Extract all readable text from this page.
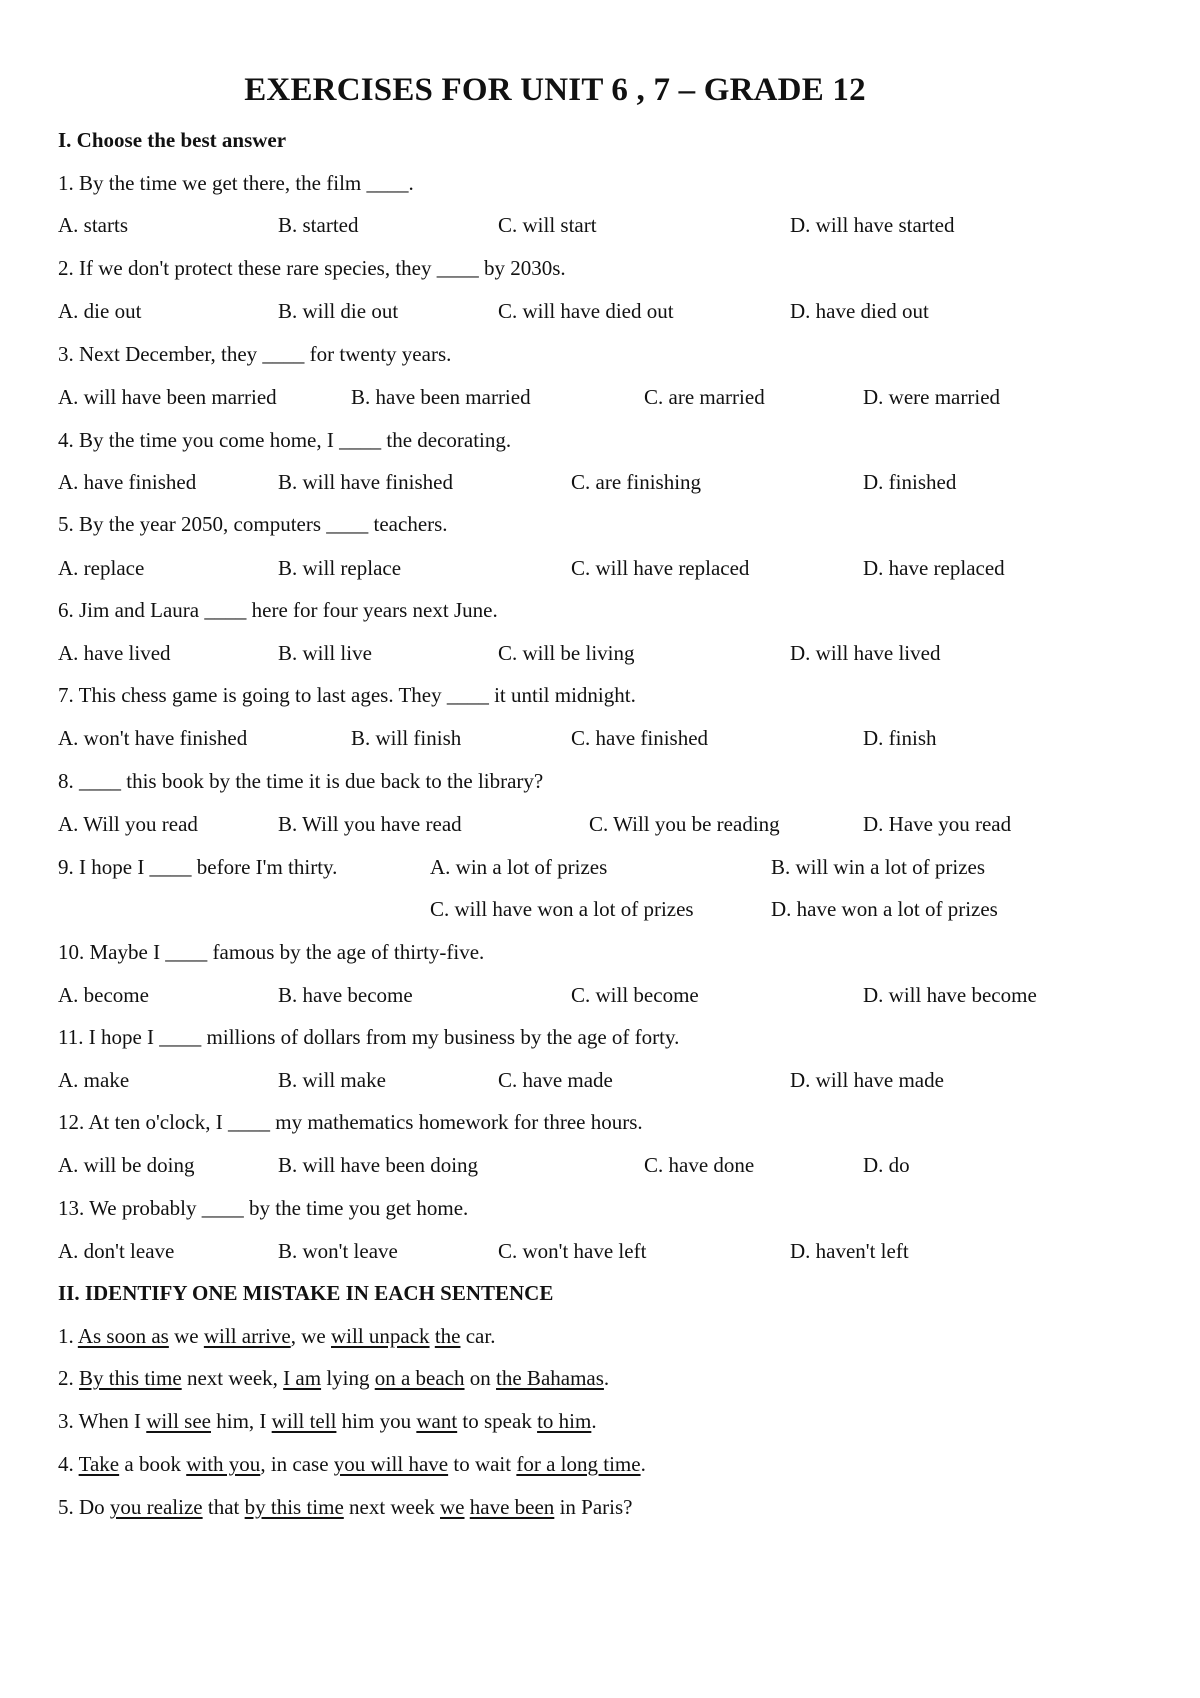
EXERCISES FOR UNIT 6 , 7 – GRADE 12
I. Choose the best answer
1. By the time we get there, the film ____.
A. starts	B. started	C. will start	D. will have started
2. If we don't protect these rare species, they ____ by 2030s.
A. die out	B. will die out	C. will have died out	D. have died out
3. Next December, they ____ for twenty years.
A. will have been married	B. have been married	C. are married	D. were married
4. By the time you come home, I ____ the decorating.
A. have finished	B. will have finished	C. are finishing	D. finished
5. By the year 2050, computers ____ teachers.
A. replace	B. will replace	C. will have replaced	D. have replaced
6. Jim and Laura ____ here for four years next June.
A. have lived	B. will live	C. will be living	D. will have lived
7. This chess game is going to last ages. They ____ it until midnight.
A. won't have finished	B. will finish	C. have finished	D. finish
8. ____ this book by the time it is due back to the library?
A. Will you read	B. Will you have read	C. Will you be reading	D. Have you read
9. I hope I ____ before I'm thirty.	A. win a lot of prizes	B. will win a lot of prizes
C. will have won a lot of prizes	D. have won a lot of prizes
10. Maybe I ____ famous by the age of thirty-five.
A. become	B. have become	C. will become	D. will have become
11. I hope I ____ millions of dollars from my business by the age of forty.
A. make	B. will make	C. have made	D. will have made
12. At ten o'clock, I ____ my mathematics homework for three hours.
A. will be doing	B. will have been doing	C. have done	D. do
13. We probably ____ by the time you get home.
A. don't leave	B. won't leave	C. won't have left	D. haven't left
II. IDENTIFY ONE MISTAKE IN EACH SENTENCE
1. As soon as we will arrive, we will unpack the car.
2. By this time next week, I am lying on a beach on the Bahamas.
3. When I will see him, I will tell him you want to speak to him.
4. Take a book with you, in case you will have to wait for a long time.
5. Do you realize that by this time next week we have been in Paris?
